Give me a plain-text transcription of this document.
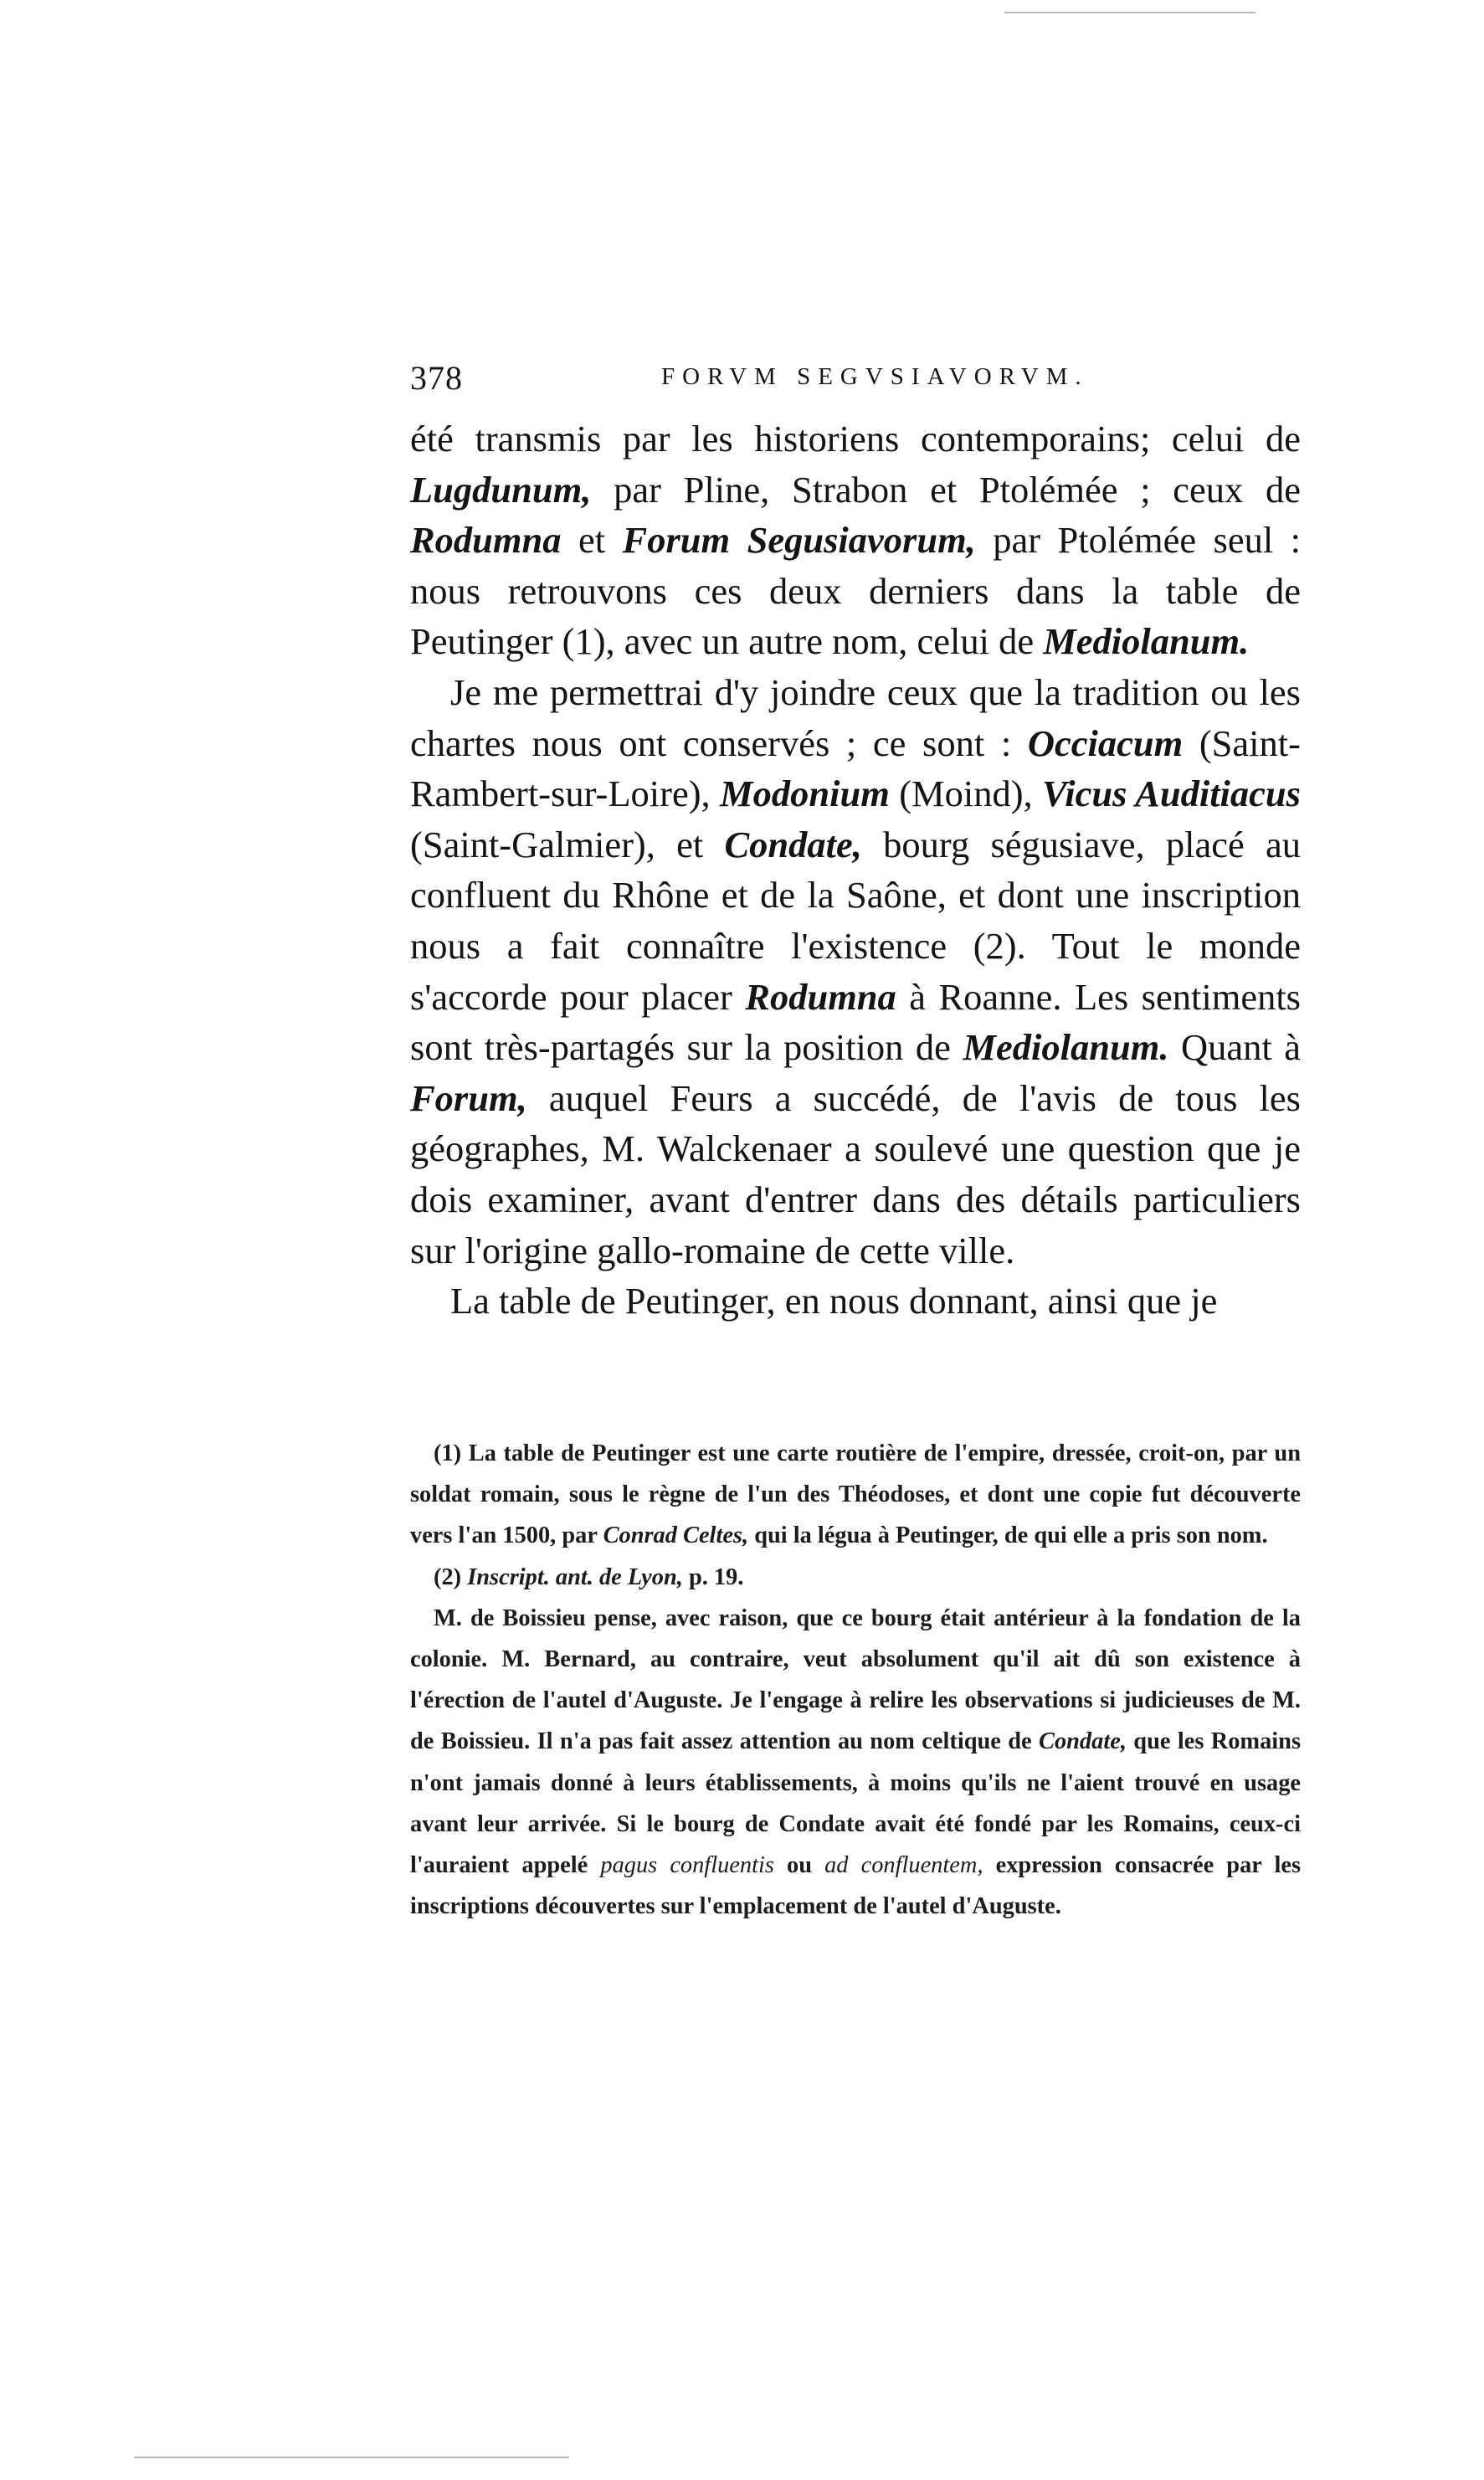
378	FORVM SEGVSIAVORVM.

été transmis par les historiens contemporains; celui de Lugdunum, par Pline, Strabon et Ptolémée ; ceux de Rodumna et Forum Segusiavorum, par Ptolémée seul : nous retrouvons ces deux derniers dans la table de Peutinger (1), avec un autre nom, celui de Mediolanum.

Je me permettrai d'y joindre ceux que la tradition ou les chartes nous ont conservés ; ce sont : Occiacum (Saint-Rambert-sur-Loire), Modonium (Moind), Vicus Auditiacus (Saint-Galmier), et Condate, bourg ségusiave, placé au confluent du Rhône et de la Saône, et dont une inscription nous a fait connaître l'existence (2). Tout le monde s'accorde pour placer Rodumna à Roanne. Les sentiments sont très-partagés sur la position de Mediolanum. Quant à Forum, auquel Feurs a succédé, de l'avis de tous les géographes, M. Walckenaer a soulevé une question que je dois examiner, avant d'entrer dans des détails particuliers sur l'origine gallo-romaine de cette ville.

La table de Peutinger, en nous donnant, ainsi que je

(1) La table de Peutinger est une carte routière de l'empire, dressée, croit-on, par un soldat romain, sous le règne de l'un des Théodoses, et dont une copie fut découverte vers l'an 1500, par Conrad Celtes, qui la légua à Peutinger, de qui elle a pris son nom.

(2) Inscript. ant. de Lyon, p. 19.

M. de Boissieu pense, avec raison, que ce bourg était antérieur à la fondation de la colonie. M. Bernard, au contraire, veut absolument qu'il ait dû son existence à l'érection de l'autel d'Auguste. Je l'engage à relire les observations si judicieuses de M. de Boissieu. Il n'a pas fait assez attention au nom celtique de Condate, que les Romains n'ont jamais donné à leurs établissements, à moins qu'ils ne l'aient trouvé en usage avant leur arrivée. Si le bourg de Condate avait été fondé par les Romains, ceux-ci l'auraient appelé pagus confluentis ou ad confluentem, expression consacrée par les inscriptions découvertes sur l'emplacement de l'autel d'Auguste.
